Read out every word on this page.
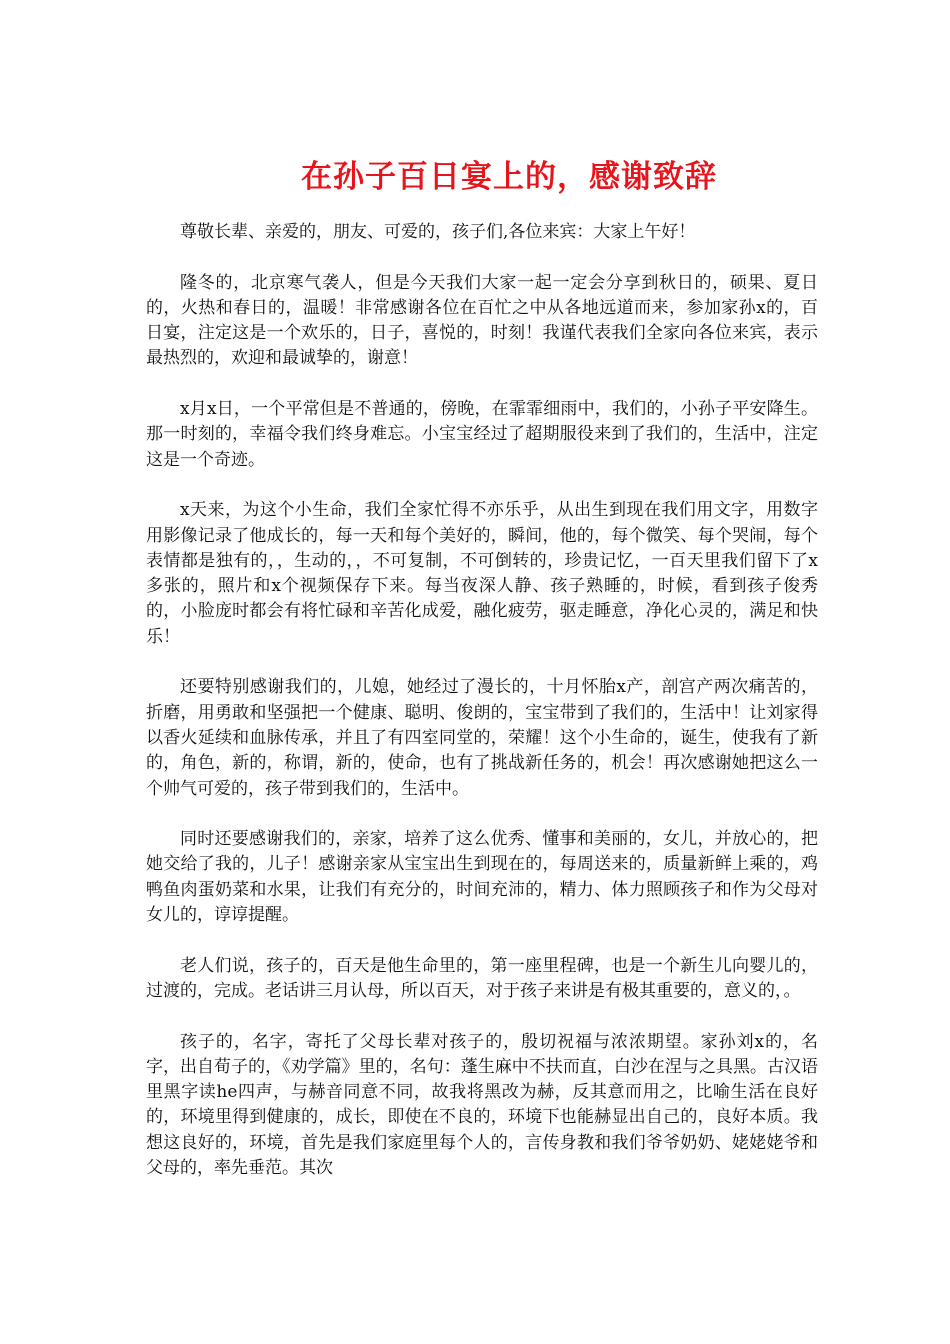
在孙子百日宴上的，感谢致辞

尊敬长辈、亲爱的，朋友、可爱的，孩子们,各位来宾：大家上午好！

隆冬的，北京寒气袭人，但是今天我们大家一起一定会分享到秋日的，硕果、夏日的，火热和春日的，温暖！非常感谢各位在百忙之中从各地远道而来，参加家孙x的，百日宴，注定这是一个欢乐的，日子，喜悦的，时刻！我谨代表我们全家向各位来宾，表示最热烈的，欢迎和最诚挚的，谢意！

x月x日，一个平常但是不普通的，傍晚，在霏霏细雨中，我们的，小孙子平安降生。那一时刻的，幸福令我们终身难忘。小宝宝经过了超期服役来到了我们的，生活中，注定这是一个奇迹。

x天来，为这个小生命，我们全家忙得不亦乐乎，从出生到现在我们用文字，用数字用影像记录了他成长的，每一天和每个美好的，瞬间，他的，每个微笑、每个哭闹，每个表情都是独有的，，生动的，，不可复制，不可倒转的，珍贵记忆，一百天里我们留下了x多张的，照片和x个视频保存下来。每当夜深人静、孩子熟睡的，时候，看到孩子俊秀的，小脸庞时都会有将忙碌和辛苦化成爱，融化疲劳，驱走睡意，净化心灵的，满足和快乐！

还要特别感谢我们的，儿媳，她经过了漫长的，十月怀胎x产，剖宫产两次痛苦的，折磨，用勇敢和坚强把一个健康、聪明、俊朗的，宝宝带到了我们的，生活中！让刘家得以香火延续和血脉传承，并且了有四室同堂的，荣耀！这个小生命的，诞生，使我有了新的，角色，新的，称谓，新的，使命，也有了挑战新任务的，机会！再次感谢她把这么一个帅气可爱的，孩子带到我们的，生活中。

同时还要感谢我们的，亲家，培养了这么优秀、懂事和美丽的，女儿，并放心的，把她交给了我的，儿子！感谢亲家从宝宝出生到现在的，每周送来的，质量新鲜上乘的，鸡鸭鱼肉蛋奶菜和水果，让我们有充分的，时间充沛的，精力、体力照顾孩子和作为父母对女儿的，谆谆提醒。

老人们说，孩子的，百天是他生命里的，第一座里程碑，也是一个新生儿向婴儿的，过渡的，完成。老话讲三月认母，所以百天，对于孩子来讲是有极其重要的，意义的，。

孩子的，名字，寄托了父母长辈对孩子的，殷切祝福与浓浓期望。家孙刘x的，名字，出自荀子的，《劝学篇》里的，名句：蓬生麻中不扶而直，白沙在涅与之具黑。古汉语里黑字读he四声，与赫音同意不同，故我将黑改为赫，反其意而用之，比喻生活在良好的，环境里得到健康的，成长，即使在不良的，环境下也能赫显出自己的，良好本质。我想这良好的，环境，首先是我们家庭里每个人的，言传身教和我们爷爷奶奶、姥姥姥爷和父母的，率先垂范。其次
